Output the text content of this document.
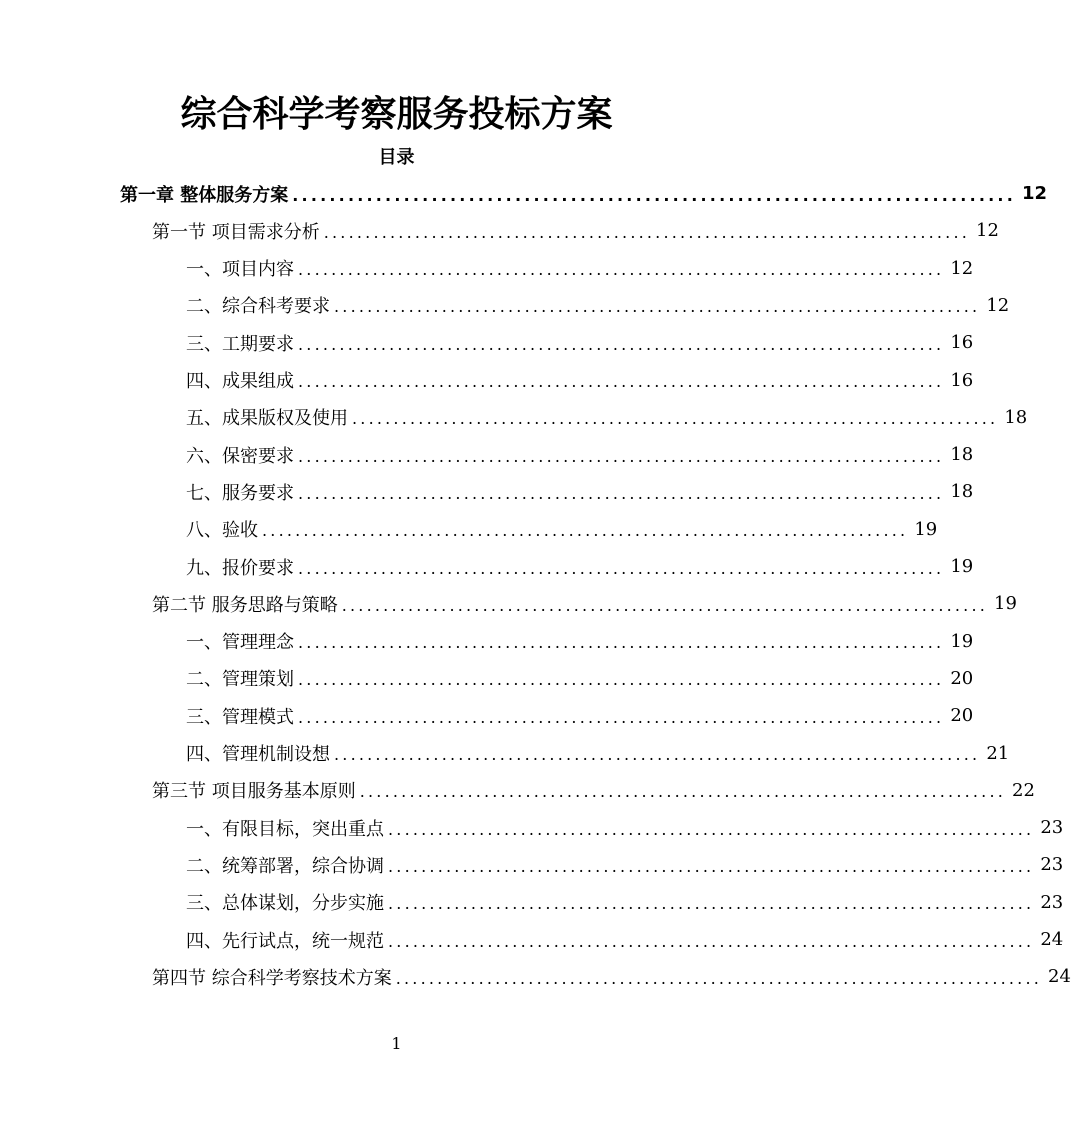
综合科学考察服务投标方案
目录
第一章 整体服务方案 .............................................................................. 12
第一节 项目需求分析 .............................................................................. 12
一、项目内容 .............................................................................. 12
二、综合科考要求 .............................................................................. 12
三、工期要求 .............................................................................. 16
四、成果组成 .............................................................................. 16
五、成果版权及使用 .............................................................................. 18
六、保密要求 .............................................................................. 18
七、服务要求 .............................................................................. 18
八、验收 .............................................................................. 19
九、报价要求 .............................................................................. 19
第二节 服务思路与策略 .............................................................................. 19
一、管理理念 .............................................................................. 19
二、管理策划 .............................................................................. 20
三、管理模式 .............................................................................. 20
四、管理机制设想 .............................................................................. 21
第三节 项目服务基本原则 .............................................................................. 22
一、有限目标，突出重点 .............................................................................. 23
二、统筹部署，综合协调 .............................................................................. 23
三、总体谋划，分步实施 .............................................................................. 23
四、先行试点，统一规范 .............................................................................. 24
第四节 综合科学考察技术方案 .............................................................................. 24
1
